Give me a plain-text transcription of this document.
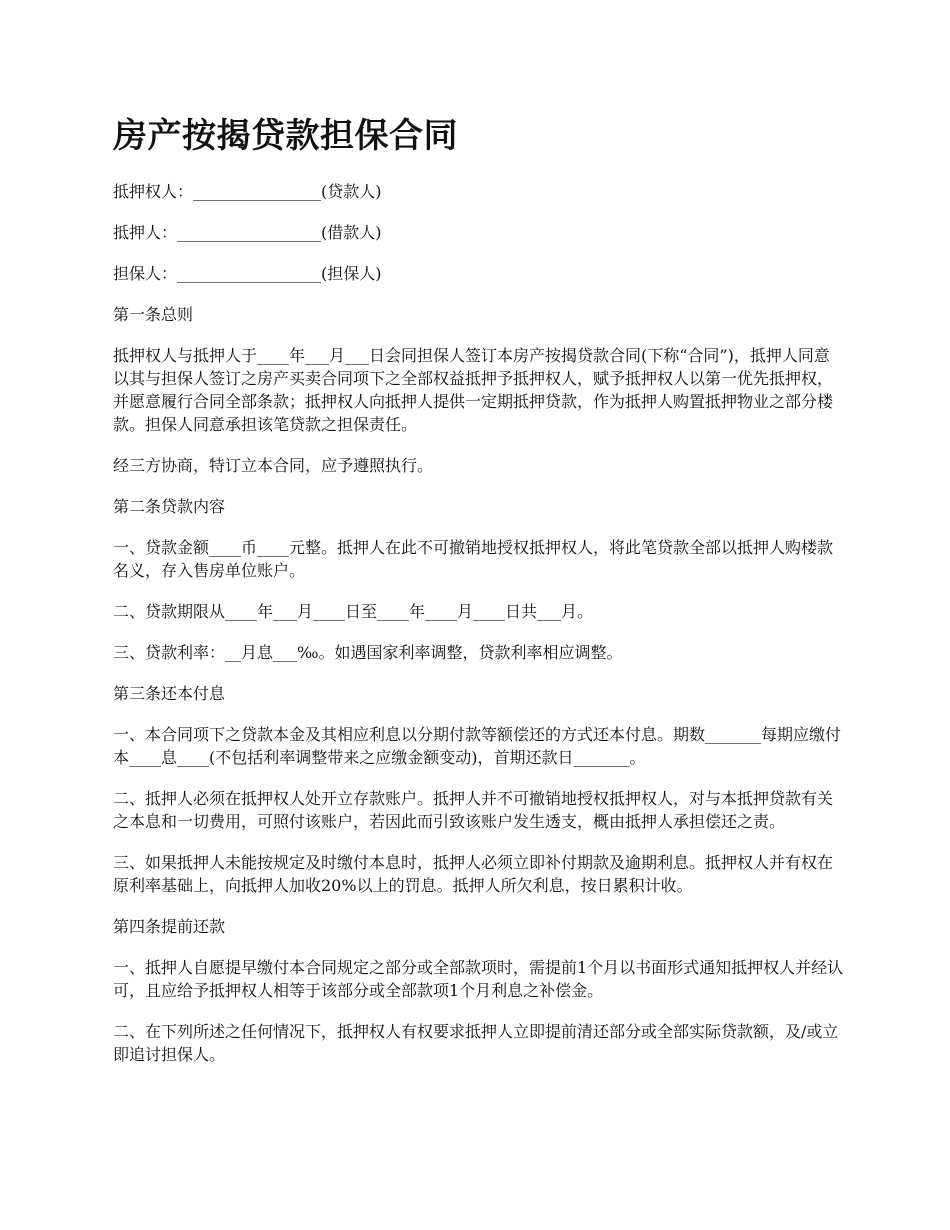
房产按揭贷款担保合同
抵押权人：________________(贷款人)
抵押人：__________________(借款人)
担保人：__________________(担保人)
第一条总则
抵押权人与抵押人于____年___月___日会同担保人签订本房产按揭贷款合同(下称“合同”)，抵押人同意以其与担保人签订之房产买卖合同项下之全部权益抵押予抵押权人，赋予抵押权人以第一优先抵押权，并愿意履行合同全部条款；抵押权人向抵押人提供一定期抵押贷款，作为抵押人购置抵押物业之部分楼款。担保人同意承担该笔贷款之担保责任。
经三方协商，特订立本合同，应予遵照执行。
第二条贷款内容
一、贷款金额____币____元整。抵押人在此不可撤销地授权抵押权人，将此笔贷款全部以抵押人购楼款名义，存入售房单位账户。
二、贷款期限从____年___月____日至____年____月____日共___月。
三、贷款利率：__月息___‰。如遇国家利率调整，贷款利率相应调整。
第三条还本付息
一、本合同项下之贷款本金及其相应利息以分期付款等额偿还的方式还本付息。期数_______每期应缴付本____息____(不包括利率调整带来之应缴金额变动)，首期还款日_______。
二、抵押人必须在抵押权人处开立存款账户。抵押人并不可撤销地授权抵押权人，对与本抵押贷款有关之本息和一切费用，可照付该账户，若因此而引致该账户发生透支，概由抵押人承担偿还之责。
三、如果抵押人未能按规定及时缴付本息时，抵押人必须立即补付期款及逾期利息。抵押权人并有权在原利率基础上，向抵押人加收20%以上的罚息。抵押人所欠利息，按日累积计收。
第四条提前还款
一、抵押人自愿提早缴付本合同规定之部分或全部款项时，需提前1个月以书面形式通知抵押权人并经认可，且应给予抵押权人相等于该部分或全部款项1个月利息之补偿金。
二、在下列所述之任何情况下，抵押权人有权要求抵押人立即提前清还部分或全部实际贷款额，及/或立即追讨担保人。
